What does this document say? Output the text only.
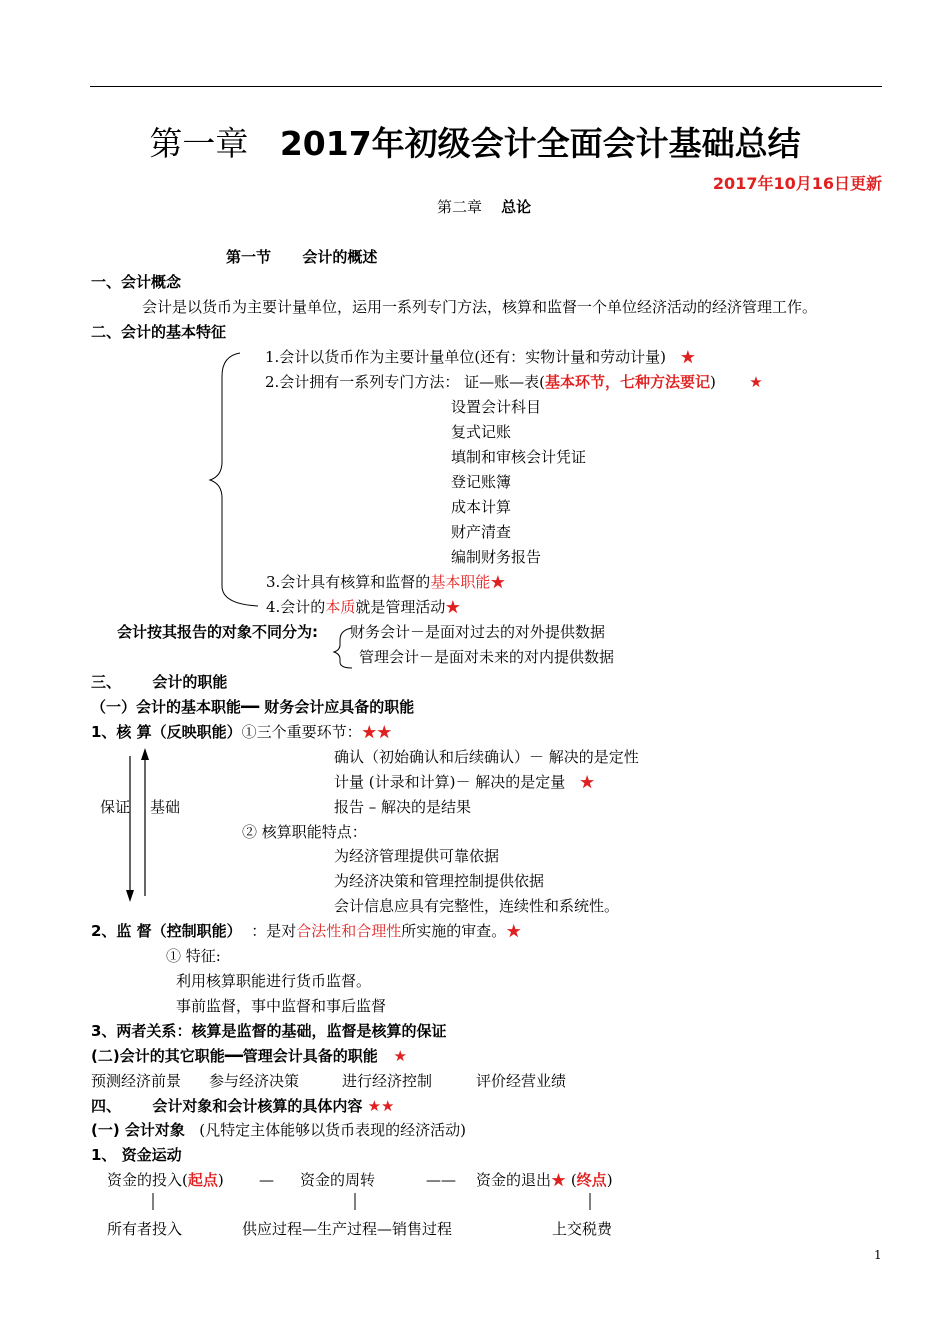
第一章 2017年初级会计全面会计基础总结
2017年10月16日更新
第二章 总论
第一节 会计的概述
一、会计概念
会计是以货币为主要计量单位，运用一系列专门方法，核算和监督一个单位经济活动的经济管理工作。
二、会计的基本特征
1.会计以货币作为主要计量单位(还有：实物计量和劳动计量) ★
2.会计拥有一系列专门方法： 证—账—表(基本环节，七种方法要记) ★
设置会计科目
复式记账
填制和审核会计凭证
登记账簿
成本计算
财产清查
编制财务报告
3.会计具有核算和监督的基本职能★
4.会计的本质就是管理活动★
会计按其报告的对象不同分为: 财务会计－是面对过去的对外提供数据
管理会计－是面对未来的对内提供数据
三、 会计的职能
（一）会计的基本职能━━ 财务会计应具备的职能
1、核 算（反映职能）①三个重要环节：★★
确认（初始确认和后续确认）－ 解决的是定性
计量 (计录和计算)－ 解决的是定量 ★
保证 基础	报告 – 解决的是结果
② 核算职能特点：
为经济管理提供可靠依据
为经济决策和管理控制提供依据
会计信息应具有完整性，连续性和系统性。
2、监 督（控制职能） ：是对合法性和合理性所实施的审查。★
① 特征:
利用核算职能进行货币监督。
事前监督，事中监督和事后监督
3、两者关系：核算是监督的基础，监督是核算的保证
(二)会计的其它职能━━管理会计具备的职能 ★
预测经济前景 参与经济决策	进行经济控制	评价经营业绩
四、 会计对象和会计核算的具体内容 ★★
(一) 会计对象 (凡特定主体能够以货币表现的经济活动)
1、 资金运动
资金的投入(起点) — 资金的周转	—— 资金的退出★ (终点)
所有者投入	供应过程—生产过程—销售过程	上交税费
1
